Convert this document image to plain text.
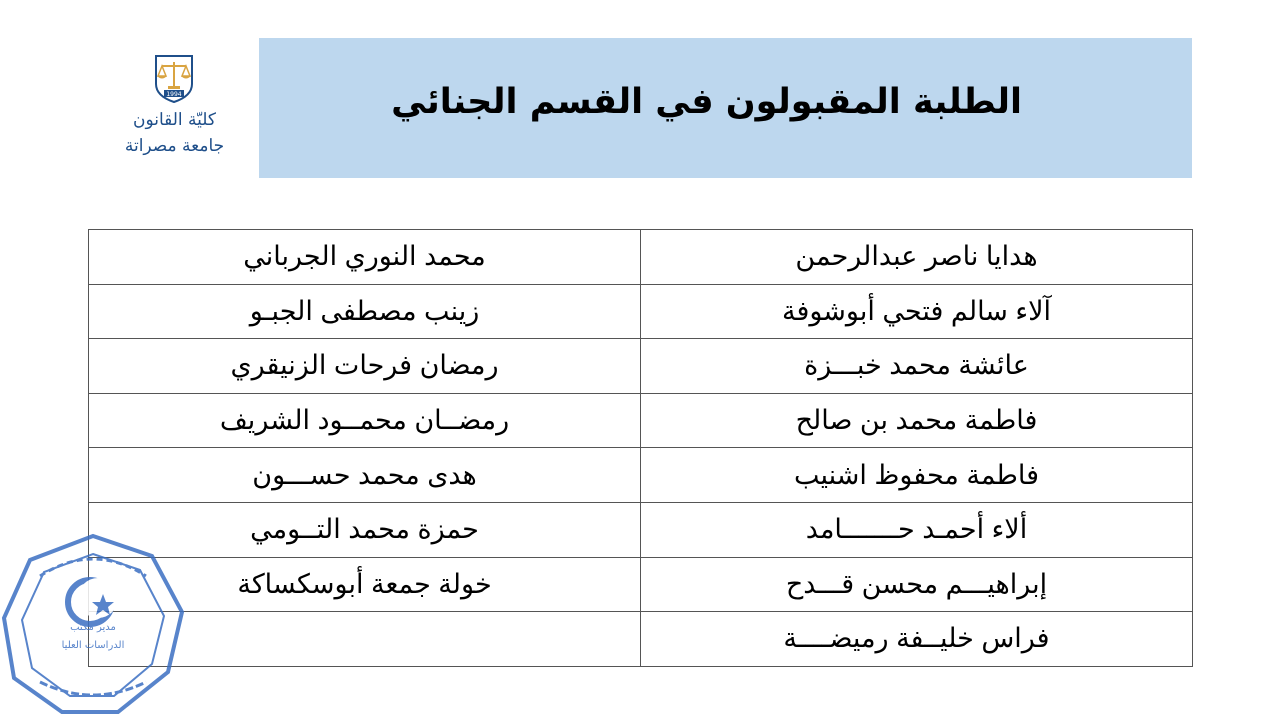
1994
كليّة القانون
جامعة مصراتة
الطلبة المقبولون في القسم الجنائي
هدايا ناصر عبدالرحمن	محمد النوري الجرباني
آلاء سالم فتحي أبوشوفة	زينب مصطفى الجبـو
عائشة محمد خبـــزة	رمضان فرحات الزنيقري
فاطمة محمد بن صالح	رمضــان محمــود الشريف
فاطمة محفوظ اشنيب	هدى محمد حســـون
ألاء أحمـد حـــــــامد	حمزة محمد التــومي
إبراهيـــم محسن قـــدح	خولة جمعة أبوسكساكة
فراس خليــفة رميضــــة	
مدير مكتب
الدراسات العليا
